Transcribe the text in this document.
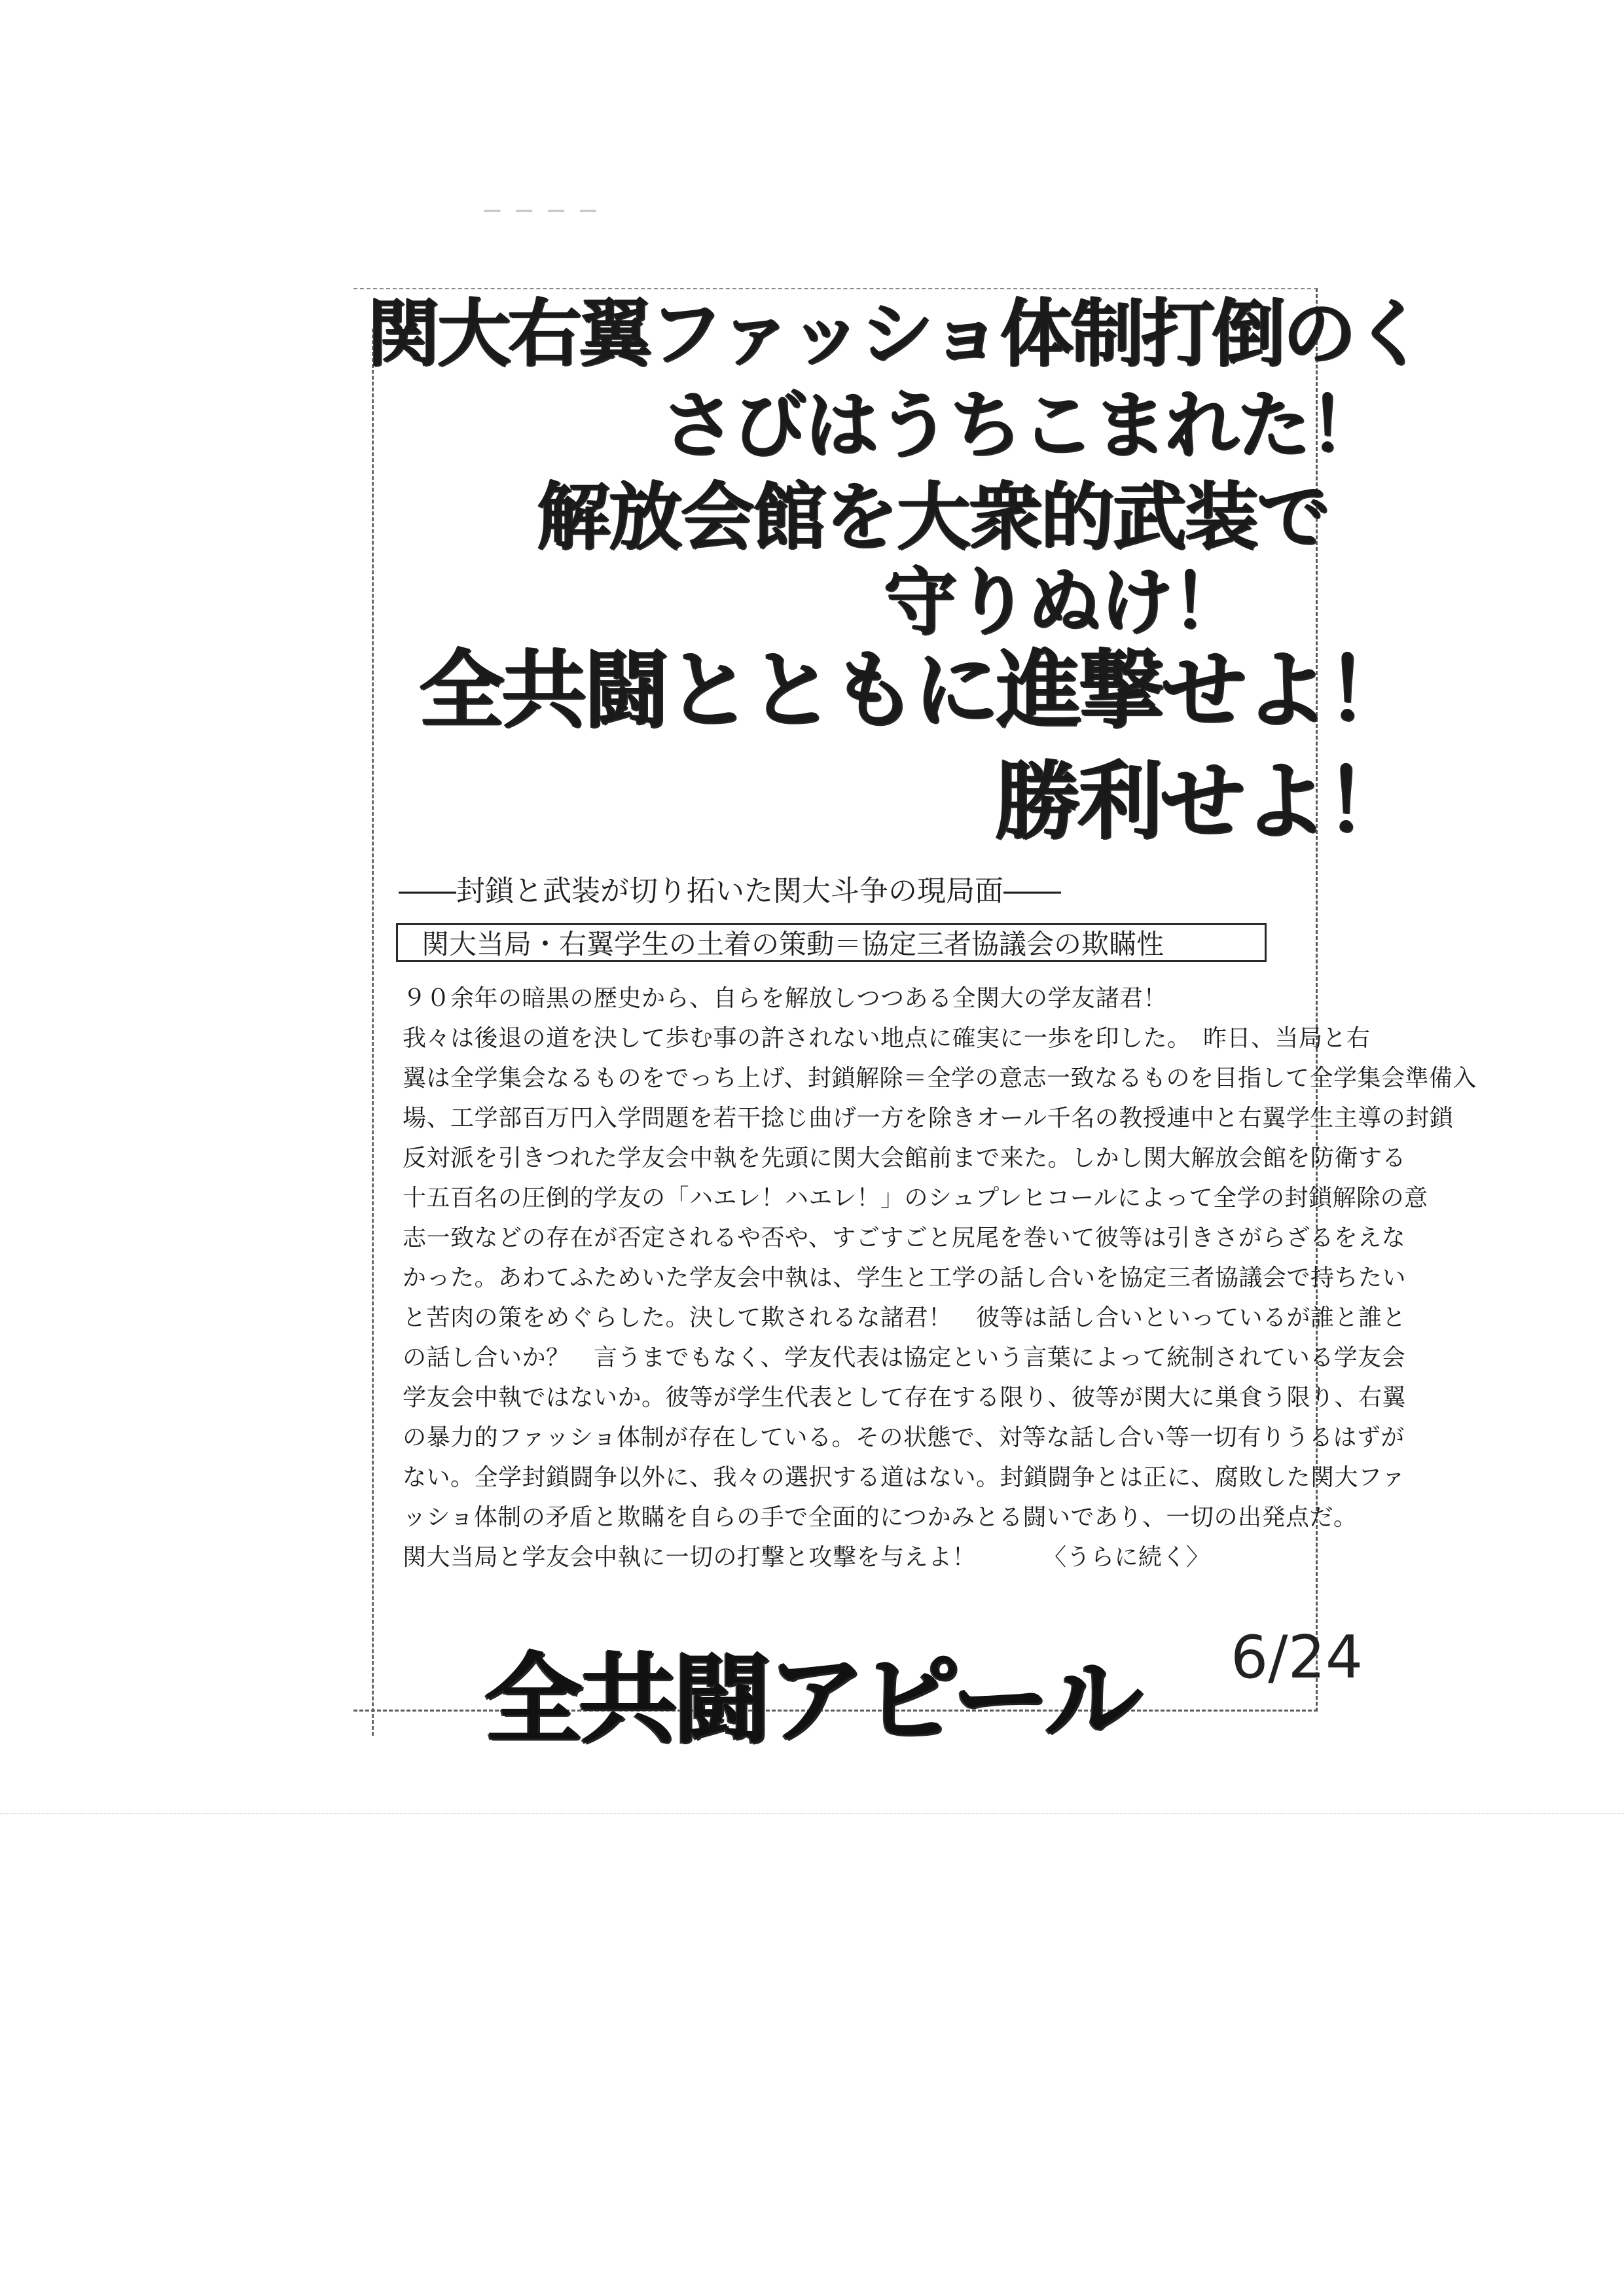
─ ─ ─ ─
関大右翼ファッショ体制打倒のく
さびはうちこまれた！
解放会館を大衆的武装で
守りぬけ！
全共闘とともに進撃せよ！
勝利せよ！
――封鎖と武装が切り拓いた関大斗争の現局面――
関大当局・右翼学生の土着の策動＝協定三者協議会の欺瞞性
９０余年の暗黒の歴史から、自らを解放しつつある全関大の学友諸君！
我々は後退の道を決して歩む事の許されない地点に確実に一歩を印した。　昨日、当局と右
翼は全学集会なるものをでっち上げ、封鎖解除＝全学の意志一致なるものを目指して全学集会準備入
場、工学部百万円入学問題を若干捻じ曲げ一方を除きオール千名の教授連中と右翼学生主導の封鎖
反対派を引きつれた学友会中執を先頭に関大会館前まで来た。しかし関大解放会館を防衛する
十五百名の圧倒的学友の「ハエレ！ハエレ！」のシュプレヒコールによって全学の封鎖解除の意
志一致などの存在が否定されるや否や、すごすごと尻尾を巻いて彼等は引きさがらざるをえな
かった。あわてふためいた学友会中執は、学生と工学の話し合いを協定三者協議会で持ちたい
と苦肉の策をめぐらした。決して欺されるな諸君！　彼等は話し合いといっているが誰と誰と
の話し合いか？　言うまでもなく、学友代表は協定という言葉によって統制されている学友会
学友会中執ではないか。彼等が学生代表として存在する限り、彼等が関大に巣食う限り、右翼
の暴力的ファッショ体制が存在している。その状態で、対等な話し合い等一切有りうるはずが
ない。全学封鎖闘争以外に、我々の選択する道はない。封鎖闘争とは正に、腐敗した関大ファ
ッショ体制の矛盾と欺瞞を自らの手で全面的につかみとる闘いであり、一切の出発点だ。
関大当局と学友会中執に一切の打撃と攻撃を与えよ！	〈うらに続く〉
全共闘アピール 6/24
